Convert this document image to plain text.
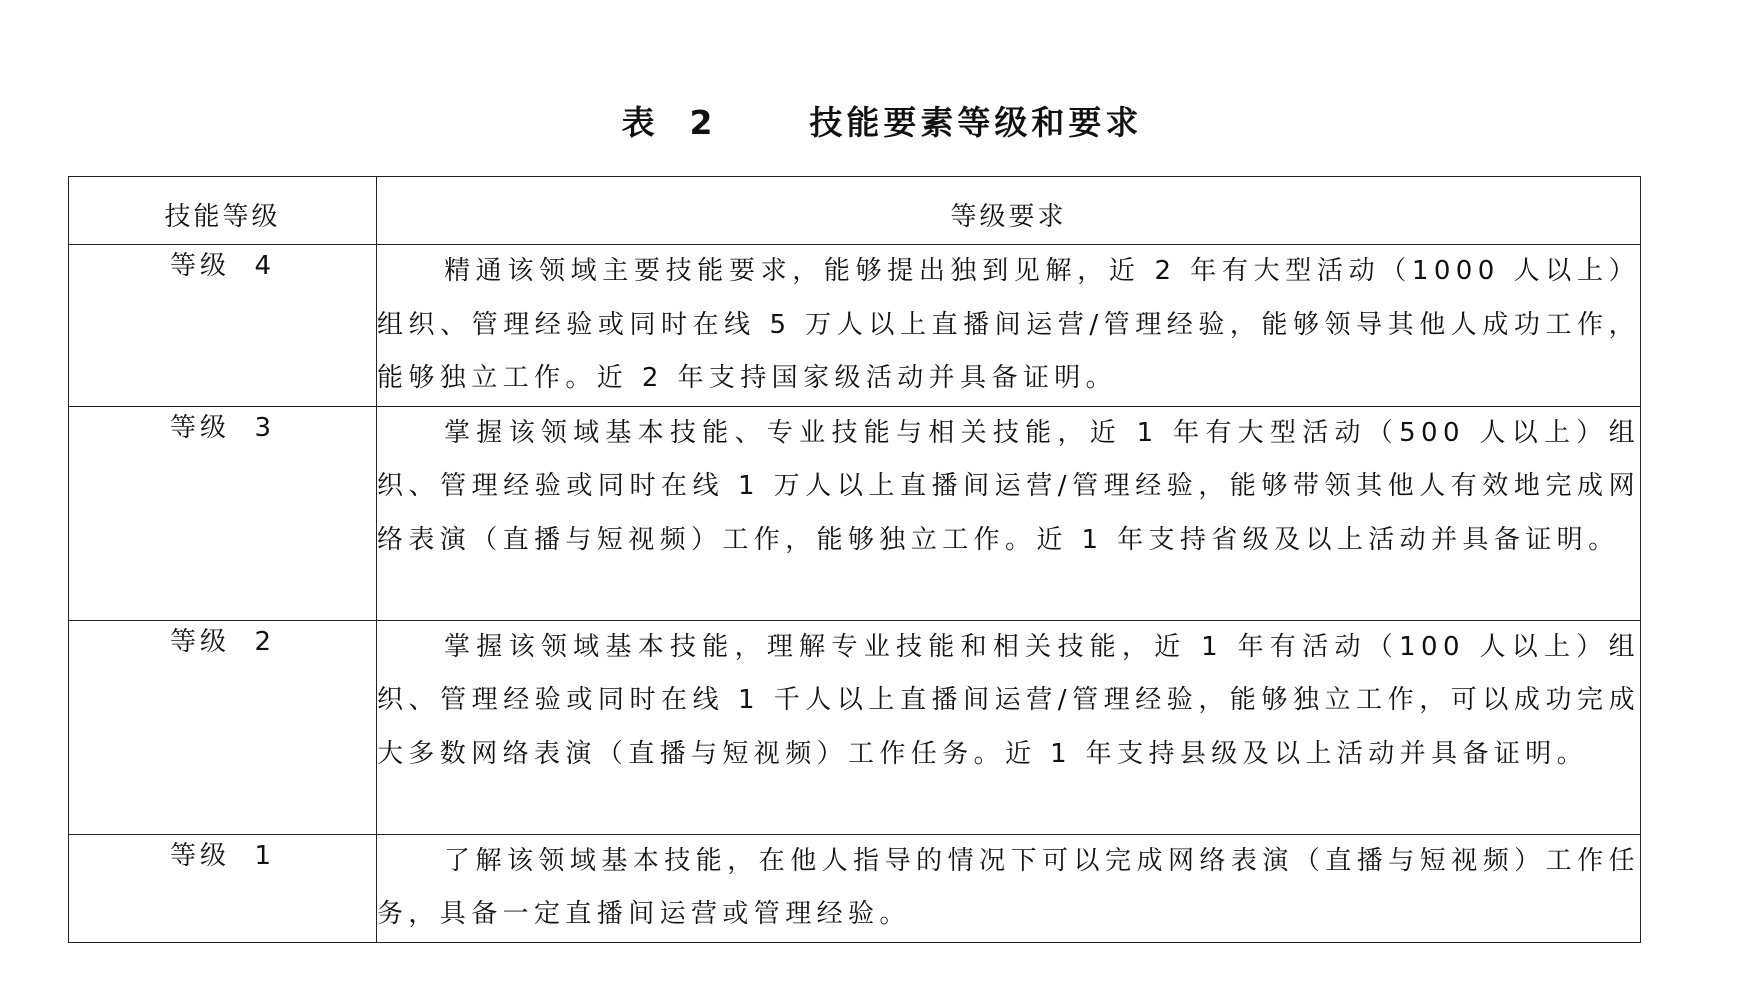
表  2      技能要素等级和要求
技能等级	等级要求
等级  4	精通该领域主要技能要求，能够提出独到见解，近 2 年有大型活动（1000 人以上）组织、管理经验或同时在线 5 万人以上直播间运营/管理经验，能够领导其他人成功工作，能够独立工作。近 2 年支持国家级活动并具备证明。
等级  3	掌握该领域基本技能、专业技能与相关技能，近 1 年有大型活动（500 人以上）组织、管理经验或同时在线 1 万人以上直播间运营/管理经验，能够带领其他人有效地完成网络表演（直播与短视频）工作，能够独立工作。近 1 年支持省级及以上活动并具备证明。
等级  2	掌握该领域基本技能，理解专业技能和相关技能，近 1 年有活动（100 人以上）组织、管理经验或同时在线 1 千人以上直播间运营/管理经验，能够独立工作，可以成功完成大多数网络表演（直播与短视频）工作任务。近 1 年支持县级及以上活动并具备证明。
等级  1	了解该领域基本技能，在他人指导的情况下可以完成网络表演（直播与短视频）工作任务，具备一定直播间运营或管理经验。
